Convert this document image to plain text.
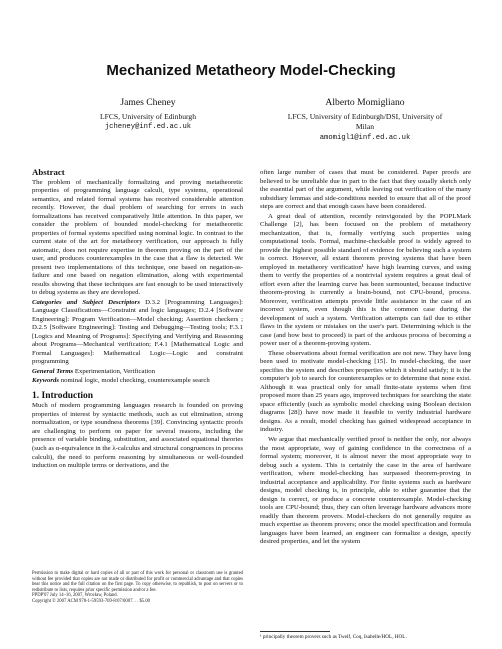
Mechanized Metatheory Model-Checking
James Cheney
LFCS, University of Edinburgh
jcheney@inf.ed.ac.uk
Alberto Momigliano
LFCS, University of Edinburgh/DSI, University of
Milan
amomigl1@inf.ed.ac.uk
Abstract

The problem of mechanically formalizing and proving metatheoretic properties of programming language calculi, type systems, operational semantics, and related formal systems has received considerable attention recently. However, the dual problem of searching for errors in such formalizations has received comparatively little attention. In this paper, we consider the problem of bounded model-checking for metatheoretic properties of formal systems specified using nominal logic. In contrast to the current state of the art for metatheory verification, our approach is fully automatic, does not require expertise in theorem proving on the part of the user, and produces counterexamples in the case that a flaw is detected. We present two implementations of this technique, one based on negation-as-failure and one based on negation elimination, along with experimental results showing that these techniques are fast enough to be used interactively to debug systems as they are developed.

Categories and Subject Descriptors D.3.2 [Programming Languages]: Language Classifications—Constraint and logic languages; D.2.4 [Software Engineering]: Program Verification—Model checking; Assertion checkers ; D.2.5 [Software Engineering]: Testing and Debugging—Testing tools; F.3.1 [Logics and Meaning of Programs]: Specifying and Verifying and Reasoning about Programs—Mechanical verification; F.4.1 [Mathematical Logic and Formal Languages]: Mathematical Logic—Logic and constraint programming

General Terms Experimentation, Verification

Keywords nominal logic, model checking, counterexample search

1. Introduction

Much of modern programming languages research is founded on proving properties of interest by syntactic methods, such as cut elimination, strong normalization, or type soundness theorems [39]. Convincing syntactic proofs are challenging to perform on paper for several reasons, including the presence of variable binding, substitution, and associated equational theories (such as α-equivalence in the λ-calculus and structural congruences in process calculi), the need to perform reasoning by simultaneous or well-founded induction on multiple terms or derivations, and the

Permission to make digital or hard copies of all or part of this work for personal or classroom use is granted without fee provided that copies are not made or distributed for profit or commercial advantage and that copies bear this notice and the full citation on the first page. To copy otherwise, to republish, to post on servers or to redistribute to lists, requires prior specific permission and/or a fee.

PPDP'07 July 14–16, 2007, Wrocław, Poland.

Copyright © 2007 ACM 978-1-59593-769-8/07/0007. . . $5.00

often large number of cases that must be considered. Paper proofs are believed to be unreliable due in part to the fact that they usually sketch only the essential part of the argument, while leaving out verification of the many subsidiary lemmas and side-conditions needed to ensure that all of the proof steps are correct and that enough cases have been considered.

A great deal of attention, recently reinvigorated by the POPLMark Challenge [2], has been focused on the problem of metatheory mechanization, that is, formally verifying such properties using computational tools. Formal, machine-checkable proof is widely agreed to provide the highest possible standard of evidence for believing such a system is correct. However, all extant theorem proving systems that have been employed in metatheory verification¹ have high learning curves, and using them to verify the properties of a nontrivial system requires a great deal of effort even after the learning curve has been surmounted, because inductive theorem-proving is currently a brain-bound, not CPU-bound, process. Moreover, verification attempts provide little assistance in the case of an incorrect system, even though this is the common case during the development of such a system. Verification attempts can fail due to either flaws in the system or mistakes on the user's part. Determining which is the case (and how best to proceed) is part of the arduous process of becoming a power user of a theorem-proving system.

These observations about formal verification are not new. They have long been used to motivate model-checking [15]. In model-checking, the user specifies the system and describes properties which it should satisfy; it is the computer's job to search for counterexamples or to determine that none exist. Although it was practical only for small finite-state systems when first proposed more than 25 years ago, improved techniques for searching the state space efficiently (such as symbolic model checking using Boolean decision diagrams [28]) have now made it feasible to verify industrial hardware designs. As a result, model checking has gained widespread acceptance in industry.

We argue that mechanically verified proof is neither the only, nor always the most appropriate, way of gaining confidence in the correctness of a formal system; moreover, it is almost never the most appropriate way to debug such a system. This is certainly the case in the area of hardware verification, where model-checking has surpassed theorem-proving in industrial acceptance and applicability. For finite systems such as hardware designs, model checking is, in principle, able to either guarantee that the design is correct, or produce a concrete counterexample. Model-checking tools are CPU-bound; thus, they can often leverage hardware advances more readily than theorem provers. Model-checkers do not generally require as much expertise as theorem provers; once the model specification and formula languages have been learned, an engineer can formalize a design, specify desired properties, and let the system

¹ principally theorem provers such as Twelf, Coq, Isabelle/HOL, HOL.
